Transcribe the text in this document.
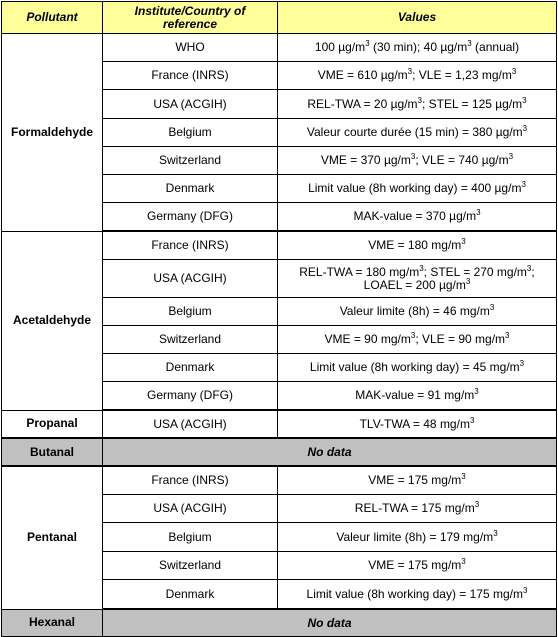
Pollutant	Institute/Country of reference	Values
Formaldehyde	WHO	100 $\mu g/m^3$ (30 min); 40 $\mu g/m^3$ (annual)
	France (INRS)	VME = 610 $\mu g/m^3$; VLE = 1,23 $mg/m^3$
	USA (ACGIH)	REL-TWA = 20 $\mu g/m^3$; STEL = 125 $\mu g/m^3$
	Belgium	Valeur courte durée (15 min) = 380 $\mu g/m^3$
	Switzerland	VME = 370 $\mu g/m^3$; VLE = 740 $\mu g/m^3$
	Denmark	Limit value (8h working day) = 400 $\mu g/m^3$
	Germany (DFG)	MAK-value = 370 $\mu g/m^3$
Acetaldehyde	France (INRS)	VME = 180 $mg/m^3$
	USA (ACGIH)	REL-TWA = 180 $mg/m^3$; STEL = 270 $mg/m^3$;
LOAEL = 200 $\mu g/m^3$
	Belgium	Valeur limite (8h) = 46 $mg/m^3$
	Switzerland	VME = 90 $mg/m^3$; VLE = 90 $mg/m^3$
	Denmark	Limit value (8h working day) = 45 $mg/m^3$
	Germany (DFG)	MAK-value = 91 $mg/m^3$
Propanal	USA (ACGIH)	TLV-TWA = 48 $mg/m^3$
Butanal	No data	
Pentanal	France (INRS)	VME = 175 $mg/m^3$
	USA (ACGIH)	REL-TWA = 175 $mg/m^3$
	Belgium	Valeur limite (8h) = 179 $mg/m^3$
	Switzerland	VME = 175 $mg/m^3$
	Denmark	Limit value (8h working day) = 175 $mg/m^3$
Hexanal	No data	
